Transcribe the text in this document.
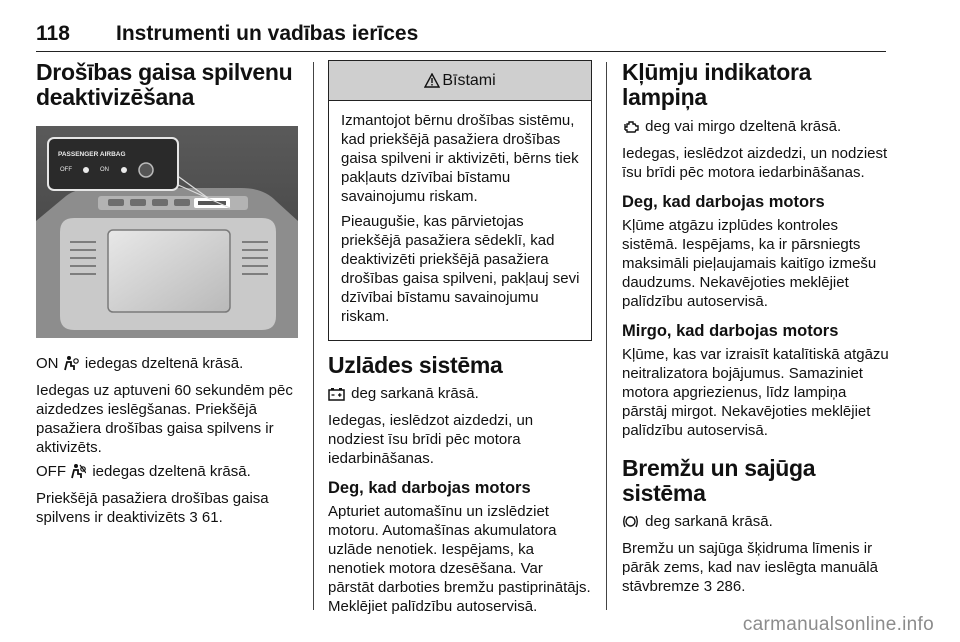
118 Instrumenti un vadības ierīces
Drošības gaisa spilvenu deaktivizēšana
PASSENGER AIRBAG
OFF	ON

ON  iedegas dzeltenā krāsā.

Iedegas uz aptuveni 60 sekundēm pēc aizdedzes ieslēgšanas. Priekšējā pasažiera drošības gaisa spilvens ir aktivizēts.

OFF  iedegas dzeltenā krāsā.

Priekšējā pasažiera drošības gaisa spilvens ir deaktivizēts 3 61.

Bīstami

Izmantojot bērnu drošības sistēmu, kad priekšējā pasažiera drošības gaisa spilveni ir aktivizēti, bērns tiek pakļauts dzīvībai bīstamu savainojumu riskam.

Pieaugušie, kas pārvietojas priekšējā pasažiera sēdeklī, kad deaktivizēti priekšējā pasažiera drošības gaisa spilveni, pakļauj sevi dzīvībai bīstamu savainojumu riskam.

Uzlādes sistēma

deg sarkanā krāsā.

Iedegas, ieslēdzot aizdedzi, un nodziest īsu brīdi pēc motora iedarbināšanas.

Deg, kad darbojas motors

Apturiet automašīnu un izslēdziet motoru. Automašīnas akumulatora uzlāde nenotiek. Iespējams, ka nenotiek motora dzesēšana. Var pārstāt darboties bremžu pastiprinātājs. Meklējiet palīdzību autoservisā.

Kļūmju indikatora lampiņa

deg vai mirgo dzeltenā krāsā.

Iedegas, ieslēdzot aizdedzi, un nodziest īsu brīdi pēc motora iedarbināšanas.

Deg, kad darbojas motors

Kļūme atgāzu izplūdes kontroles sistēmā. Iespējams, ka ir pārsniegts maksimāli pieļaujamais kaitīgo izmešu daudzums. Nekavējoties meklējiet palīdzību autoservisā.

Mirgo, kad darbojas motors

Kļūme, kas var izraisīt katalītiskā atgāzu neitralizatora bojājumus. Samaziniet motora apgriezienus, līdz lampiņa pārstāj mirgot. Nekavējoties meklējiet palīdzību autoservisā.

Bremžu un sajūga sistēma

deg sarkanā krāsā.

Bremžu un sajūga šķidruma līmenis ir pārāk zems, kad nav ieslēgta manuālā stāvbremze 3 286.

carmanualsonline.info
